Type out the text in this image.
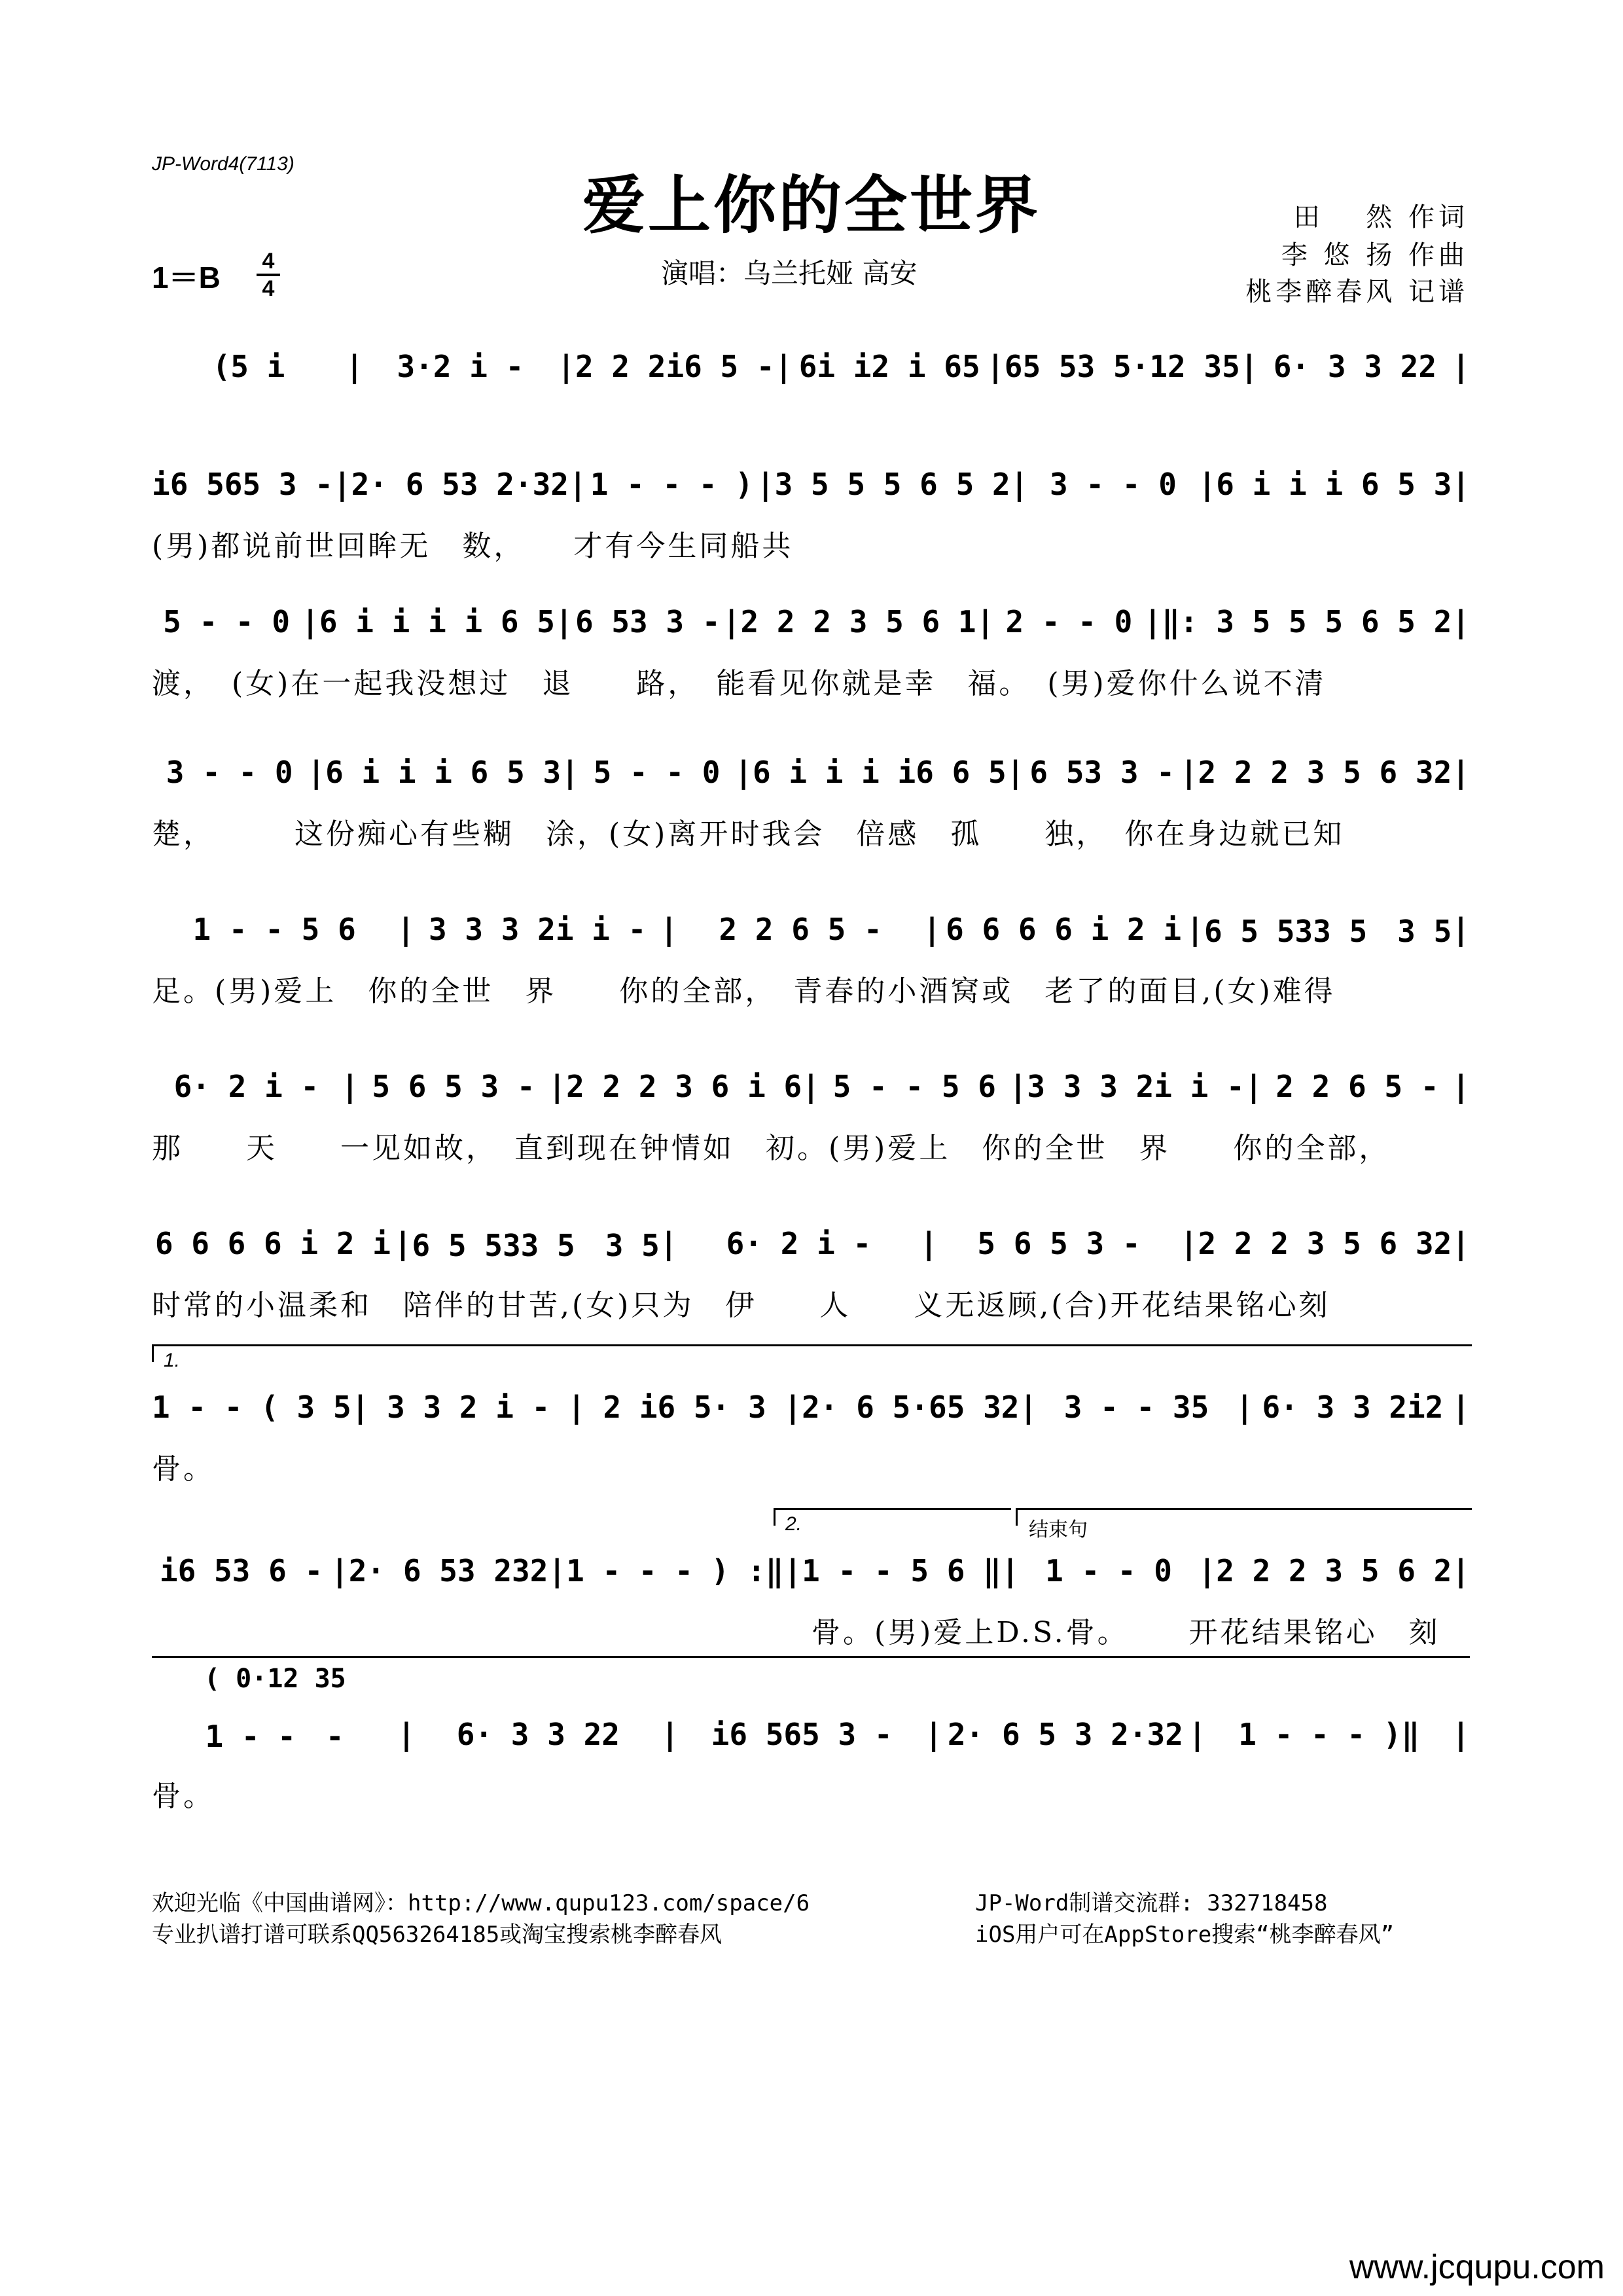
JP-Word4(7113)
爱上你的全世界
演唱：乌兰托娅 高安
田　 然 作词
李 悠 扬 作曲
桃李醉春风 记谱
1＝B	4
4
(5 i	|	3·2 i -	| 2 2 2i6 5 - | 6i i2 i 65 | 65 53 5·12 35 | 6· 3 3 22 |
i6 565 3 - | 2· 6 53 2·32 | 1 - - - ) | 3 5 5 5 6 5 2 | 3 - - 0 | 6 i i i 6 5 3 |
(男)都说前世回眸无　数，　　才有今生同船共
5 - - 0 | 6 i i i i 6 5 | 6 53 3 - | 2 2 2 3 5 6 1 | 2 - - 0 | ‖: 3 5 5 5 6 5 2 |
渡，　(女)在一起我没想过　退　　路，　能看见你就是幸　福。　(男)爱你什么说不清
3 - - 0 | 6 i i i 6 5 3 | 5 - - 0 | 6 i i i i6 6 5 | 6 53 3 - | 2 2 2 3 5 6 32 |
楚，　　　这份痴心有些糊　涂，(女)离开时我会　倍感　孤　　独，　你在身边就已知
1 - - 5 6	| 3 3 3 2i i - |	2 2 6 5 -	| 6 6 6 6 i 2 i | 6 5 533 5　3 5 |
足。(男)爱上　你的全世　界　　你的全部，　青春的小酒窝或　老了的面目,(女)难得
6· 2 i - | 5 6 5 3 - | 2 2 2 3 6 i 6 | 5 - - 5 6 | 3 3 3 2i i - | 2 2 6 5 - |
那　　天　　一见如故，　直到现在钟情如　初。(男)爱上　你的全世　界　　你的全部，
6 6 6 6 i 2 i | 6 5 533 5　3 5 |	6· 2 i -	|	5 6 5 3 -	| 2 2 2 3 5 6 32 |
时常的小温柔和　陪伴的甘苦,(女)只为　伊　　人　　义无返顾,(合)开花结果铭心刻
1.
1 - - ( 3 5 | 3 3 2 i - | 2 i6 5· 3 | 2· 6 5·65 32 | 3 - - 35 | 6· 3 3 2i2 |
骨。
2.	结束句
i6 53 6 - | 2· 6 53 232 | 1 - - - ) :‖ | 1 - - 5 6 ‖ | 1 - - 0 | 2 2 2 3 5 6 2 |
　　　　　　　　　　　　　　　　　　　　　骨。(男)爱上D.S.骨。　　 开花结果铭心　刻
( 0·12 35
1 - -　-	|	6· 3 3 22	|	i6 565 3 -	| 2· 6 5 3 2·32 |	1 - - - )‖	|
骨。
欢迎光临《中国曲谱网》：http://www.qupu123.com/space/6
专业扒谱打谱可联系QQ563264185或淘宝搜索桃李醉春风
JP-Word制谱交流群: 332718458
iOS用户可在AppStore搜索“桃李醉春风”
www.jcqupu.com
